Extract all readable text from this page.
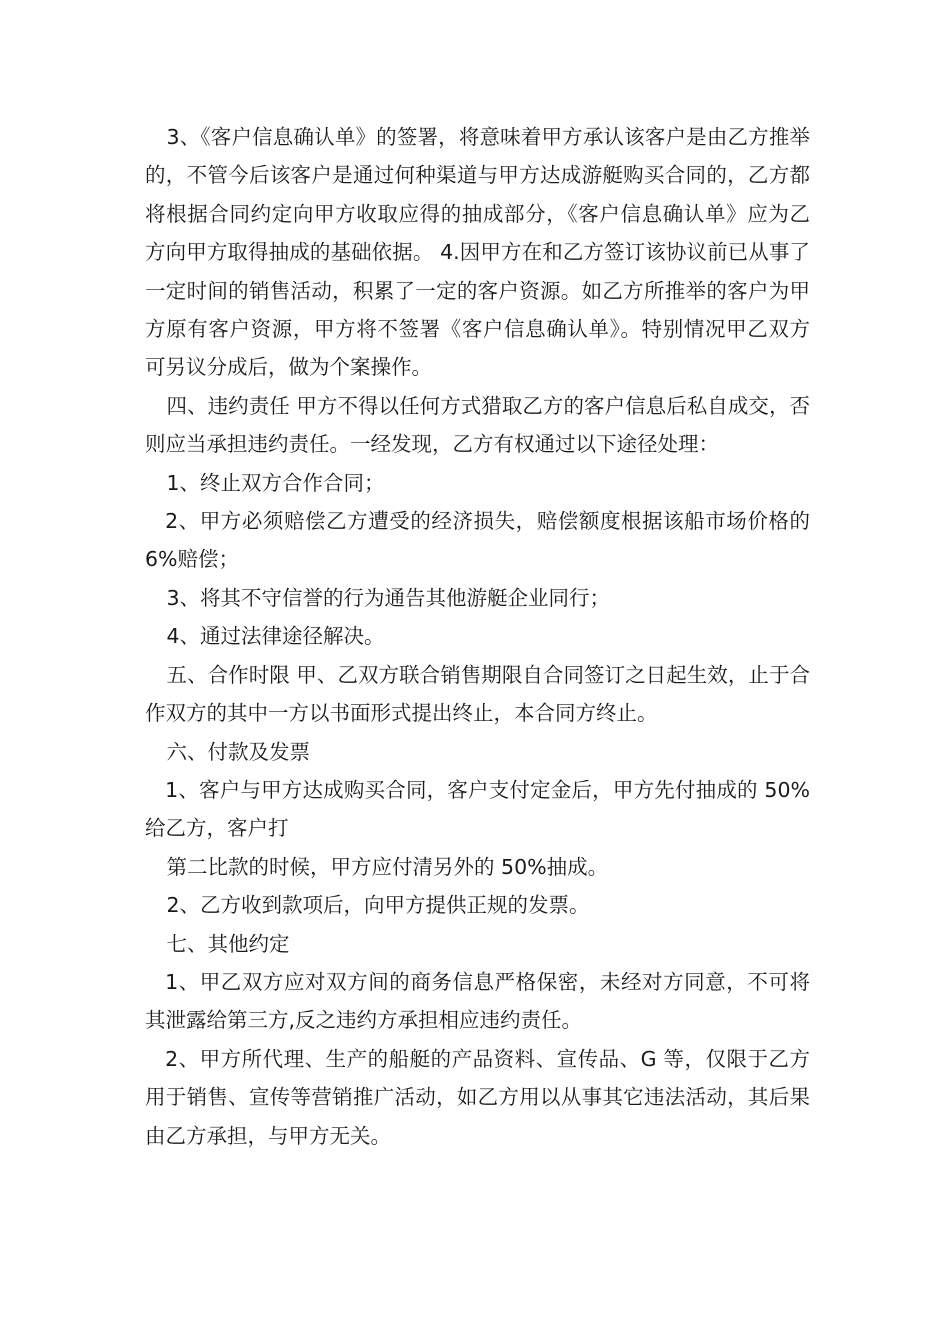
3、《客户信息确认单》的签署，将意味着甲方承认该客户是由乙方推举的，不管今后该客户是通过何种渠道与甲方达成游艇购买合同的，乙方都将根据合同约定向甲方收取应得的抽成部分，《客户信息确认单》应为乙方向甲方取得抽成的基础依据。 4.因甲方在和乙方签订该协议前已从事了一定时间的销售活动，积累了一定的客户资源。如乙方所推举的客户为甲方原有客户资源，甲方将不签署《客户信息确认单》。特别情况甲乙双方可另议分成后，做为个案操作。

四、违约责任 甲方不得以任何方式猎取乙方的客户信息后私自成交，否则应当承担违约责任。一经发现，乙方有权通过以下途径处理：

1、终止双方合作合同；

2、甲方必须赔偿乙方遭受的经济损失，赔偿额度根据该船市场价格的 6%赔偿；

3、将其不守信誉的行为通告其他游艇企业同行；

4、通过法律途径解决。

五、合作时限 甲、乙双方联合销售期限自合同签订之日起生效，止于合作双方的其中一方以书面形式提出终止，本合同方终止。

六、付款及发票

1、客户与甲方达成购买合同，客户支付定金后，甲方先付抽成的 50%给乙方，客户打

第二比款的时候，甲方应付清另外的 50%抽成。

2、乙方收到款项后，向甲方提供正规的发票。

七、其他约定

1、甲乙双方应对双方间的商务信息严格保密，未经对方同意，不可将其泄露给第三方,反之违约方承担相应违约责任。

2、甲方所代理、生产的船艇的产品资料、宣传品、G 等，仅限于乙方用于销售、宣传等营销推广活动，如乙方用以从事其它违法活动，其后果由乙方承担，与甲方无关。
